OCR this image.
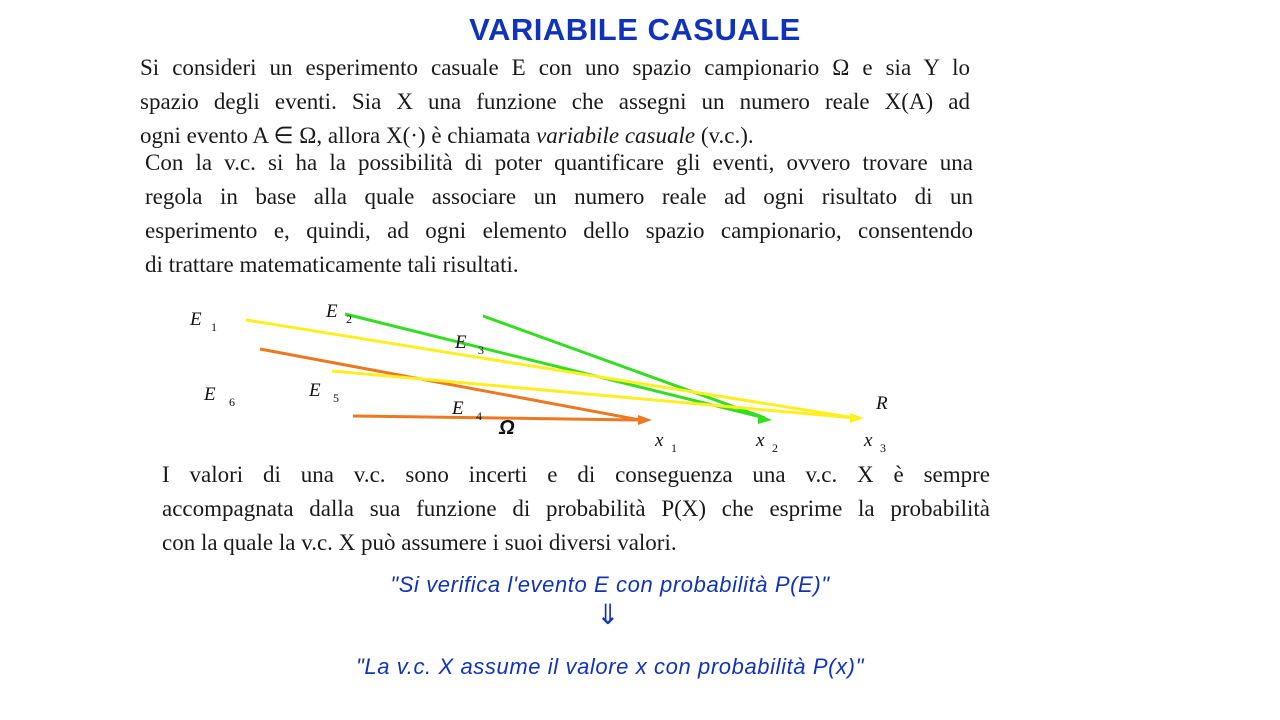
VARIABILE CASUALE
Si consideri un esperimento casuale E con uno spazio campionario Ω e sia Y lo
spazio degli eventi. Sia X una funzione che assegni un numero reale X(A) ad
ogni evento A ∈ Ω, allora X(·) è chiamata variabile casuale (v.c.).
Con la v.c. si ha la possibilità di poter quantificare gli eventi, ovvero trovare una
regola in base alla quale associare un numero reale ad ogni risultato di un
esperimento e, quindi, ad ogni elemento dello spazio campionario, consentendo
di trattare matematicamente tali risultati.
E 1
E 2
E 3
E 4
E 5
E 6
Ω
R
x 1	x 2	x 3
I valori di una v.c. sono incerti e di conseguenza una v.c. X è sempre
accompagnata dalla sua funzione di probabilità P(X) che esprime la probabilità
con la quale la v.c. X può assumere i suoi diversi valori.
"Si verifica l'evento E con probabilità P(E)"
⇓
"La v.c. X assume il valore x con probabilità P(x)"
